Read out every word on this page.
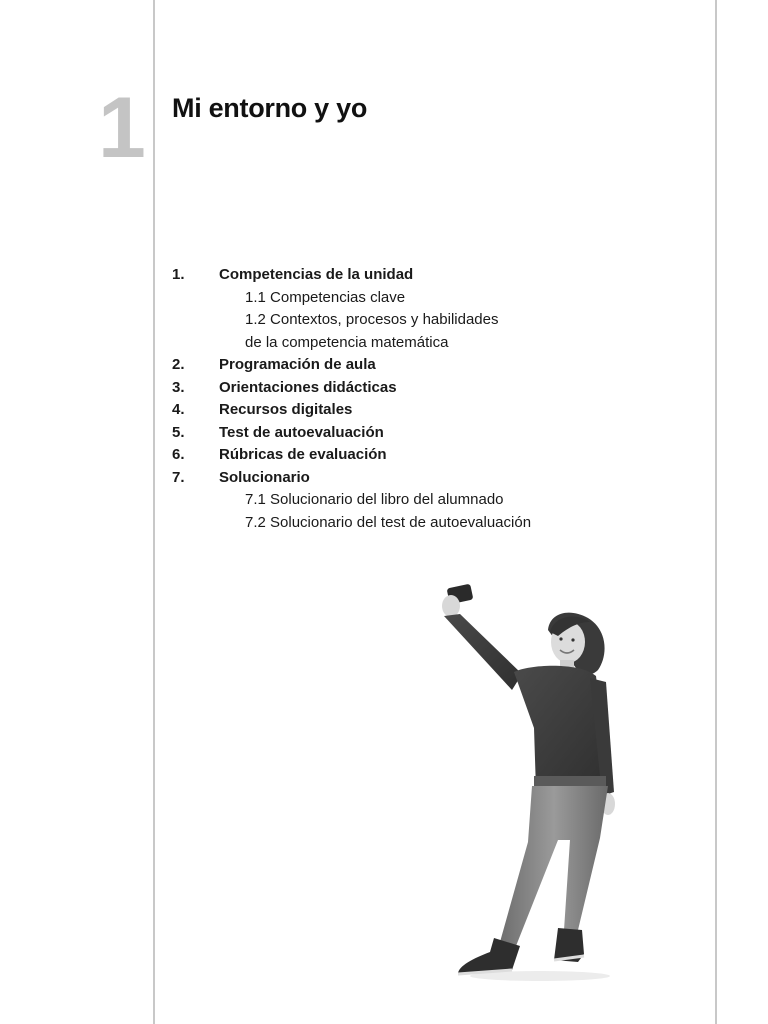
1 Mi entorno y yo
1.	Competencias de la unidad
1.1 Competencias clave
1.2 Contextos, procesos y habilidades
de la competencia matemática
2.	Programación de aula
3.	Orientaciones didácticas
4.	Recursos digitales
5.	Test de autoevaluación
6.	Rúbricas de evaluación
7.	Solucionario
7.1 Solucionario del libro del alumnado
7.2 Solucionario del test de autoevaluación
